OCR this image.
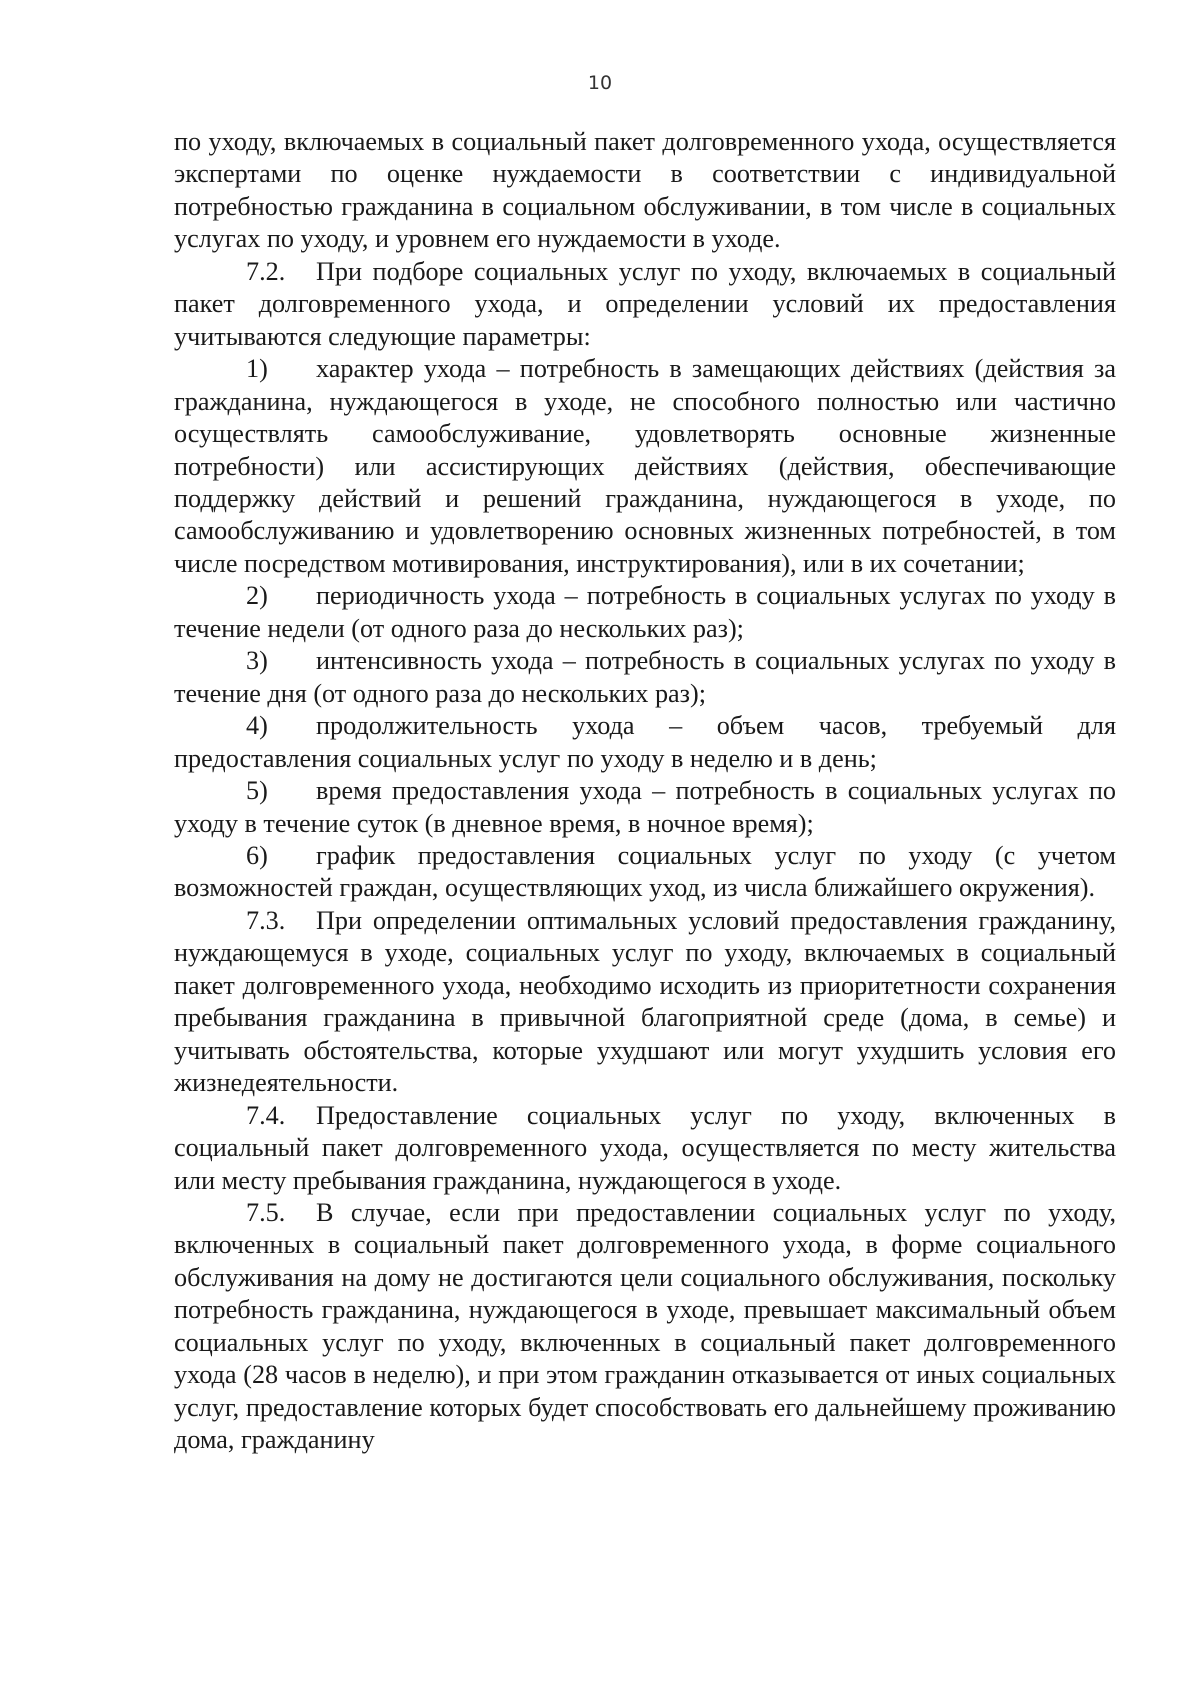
10

по уходу, включаемых в социальный пакет долговременного ухода, осуществляется экспертами по оценке нуждаемости в соответствии с индивидуальной потребностью гражданина в социальном обслуживании, в том числе в социальных услугах по уходу, и уровнем его нуждаемости в уходе.

7.2. При подборе социальных услуг по уходу, включаемых в социальный пакет долговременного ухода, и определении условий их предоставления учитываются следующие параметры:

1) характер ухода – потребность в замещающих действиях (действия за гражданина, нуждающегося в уходе, не способного полностью или частично осуществлять самообслуживание, удовлетворять основные жизненные потребности) или ассистирующих действиях (действия, обеспечивающие поддержку действий и решений гражданина, нуждающегося в уходе, по самообслуживанию и удовлетворению основных жизненных потребностей, в том числе посредством мотивирования, инструктирования), или в их сочетании;

2) периодичность ухода – потребность в социальных услугах по уходу в течение недели (от одного раза до нескольких раз);

3) интенсивность ухода – потребность в социальных услугах по уходу в течение дня (от одного раза до нескольких раз);

4) продолжительность ухода – объем часов, требуемый для предоставления социальных услуг по уходу в неделю и в день;

5) время предоставления ухода – потребность в социальных услугах по уходу в течение суток (в дневное время, в ночное время);

6) график предоставления социальных услуг по уходу (с учетом возможностей граждан, осуществляющих уход, из числа ближайшего окружения).

7.3. При определении оптимальных условий предоставления гражданину, нуждающемуся в уходе, социальных услуг по уходу, включаемых в социальный пакет долговременного ухода, необходимо исходить из приоритетности сохранения пребывания гражданина в привычной благоприятной среде (дома, в семье) и учитывать обстоятельства, которые ухудшают или могут ухудшить условия его жизнедеятельности.

7.4. Предоставление социальных услуг по уходу, включенных в социальный пакет долговременного ухода, осуществляется по месту жительства или месту пребывания гражданина, нуждающегося в уходе.

7.5. В случае, если при предоставлении социальных услуг по уходу, включенных в социальный пакет долговременного ухода, в форме социального обслуживания на дому не достигаются цели социального обслуживания, поскольку потребность гражданина, нуждающегося в уходе, превышает максимальный объем социальных услуг по уходу, включенных в социальный пакет долговременного ухода (28 часов в неделю), и при этом гражданин отказывается от иных социальных услуг, предоставление которых будет способствовать его дальнейшему проживанию дома, гражданину
